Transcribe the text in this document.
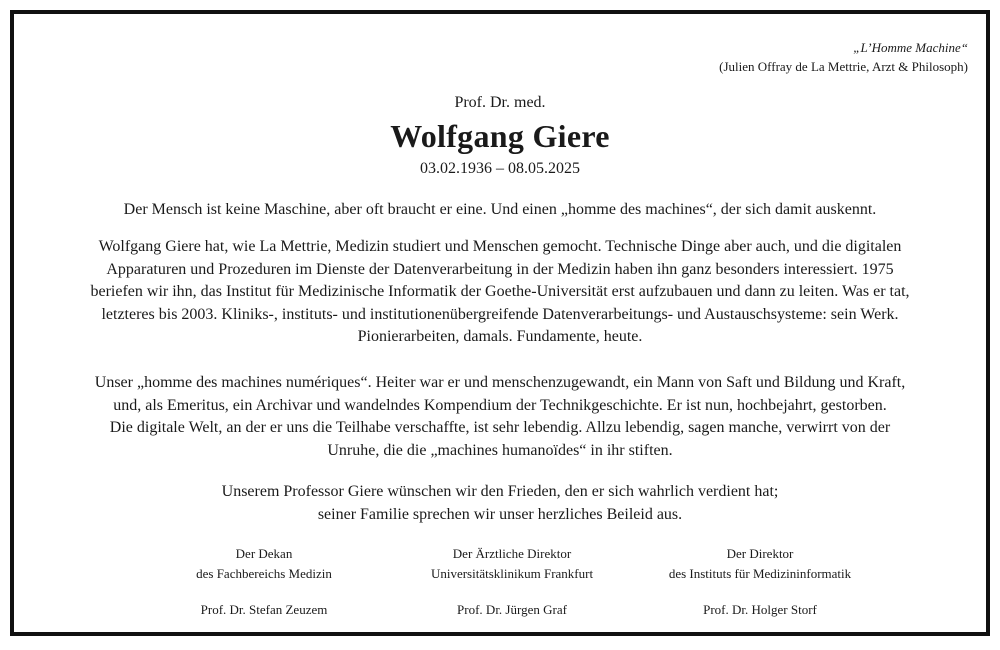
„L’Homme Machine“
(Julien Offray de La Mettrie, Arzt & Philosoph)
Prof. Dr. med.
Wolfgang Giere
03.02.1936 – 08.05.2025

Der Mensch ist keine Maschine, aber oft braucht er eine. Und einen „homme des machines“, der sich damit auskennt.

Wolfgang Giere hat, wie La Mettrie, Medizin studiert und Menschen gemocht. Technische Dinge aber auch, und die digitalen
Apparaturen und Prozeduren im Dienste der Datenverarbeitung in der Medizin haben ihn ganz besonders interessiert. 1975
beriefen wir ihn, das Institut für Medizinische Informatik der Goethe-Universität erst aufzubauen und dann zu leiten. Was er tat,
letzteres bis 2003. Kliniks-, instituts- und institutionenübergreifende Datenverarbeitungs- und Austauschsysteme: sein Werk.
Pionierarbeiten, damals. Fundamente, heute.

Unser „homme des machines numériques“. Heiter war er und menschenzugewandt, ein Mann von Saft und Bildung und Kraft,
und, als Emeritus, ein Archivar und wandelndes Kompendium der Technikgeschichte. Er ist nun, hochbejahrt, gestorben.
Die digitale Welt, an der er uns die Teilhabe verschaffte, ist sehr lebendig. Allzu lebendig, sagen manche, verwirrt von der
Unruhe, die die „machines humanoïdes“ in ihr stiften.

Unserem Professor Giere wünschen wir den Frieden, den er sich wahrlich verdient hat;
seiner Familie sprechen wir unser herzliches Beileid aus.

Der Dekan
des Fachbereichs Medizin
Prof. Dr. Stefan Zeuzem
Der Ärztliche Direktor
Universitätsklinikum Frankfurt
Prof. Dr. Jürgen Graf
Der Direktor
des Instituts für Medizininformatik
Prof. Dr. Holger Storf
